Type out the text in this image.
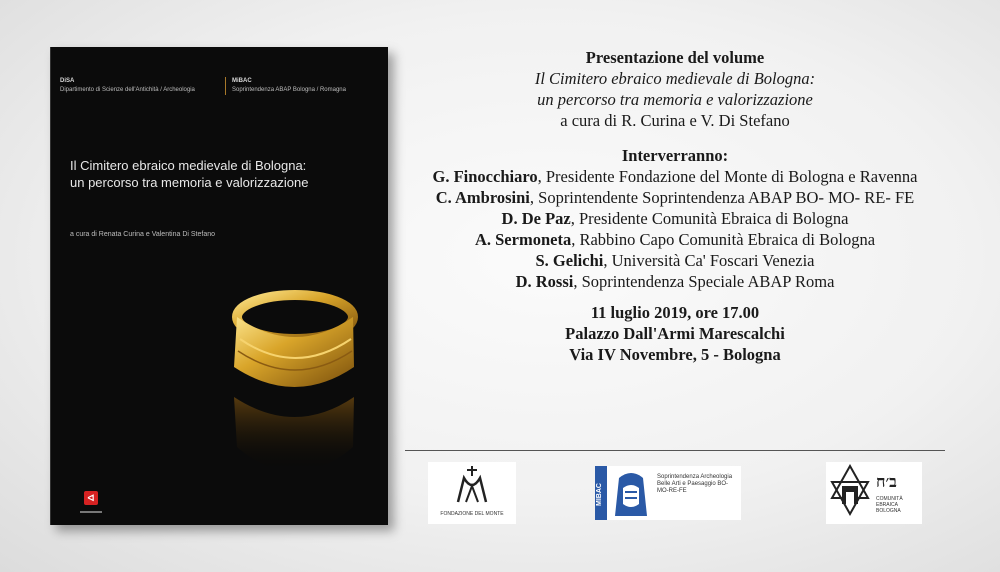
DiSA
Dipartimento di Scienze dell'Antichità / Archeologia
MiBAC
Soprintendenza ABAP Bologna / Romagna
Il Cimitero ebraico medievale di Bologna:
un percorso tra memoria e valorizzazione
a cura di Renata Curina e Valentina Di Stefano
ᐊ
Presentazione del volume
Il Cimitero ebraico medievale di Bologna:
un percorso tra memoria e valorizzazione
a cura di R. Curina e V. Di Stefano
Interverranno:
G. Finocchiaro, Presidente Fondazione del Monte di Bologna e Ravenna
C. Ambrosini, Soprintendente Soprintendenza ABAP BO- MO- RE- FE
D. De Paz, Presidente Comunità Ebraica di Bologna
A. Sermoneta, Rabbino Capo Comunità Ebraica di Bologna
S. Gelichi, Università Ca' Foscari Venezia
D. Rossi, Soprintendenza Speciale ABAP Roma
11 luglio 2019, ore 17.00
Palazzo Dall'Armi Marescalchi
Via IV Novembre, 5 - Bologna
FONDAZIONE DEL MONTE
MIBAC
Soprintendenza Archeologia Belle Arti e Paesaggio BO-MO-RE-FE	ב׳ח
COMUNITÀ EBRAICA BOLOGNA
